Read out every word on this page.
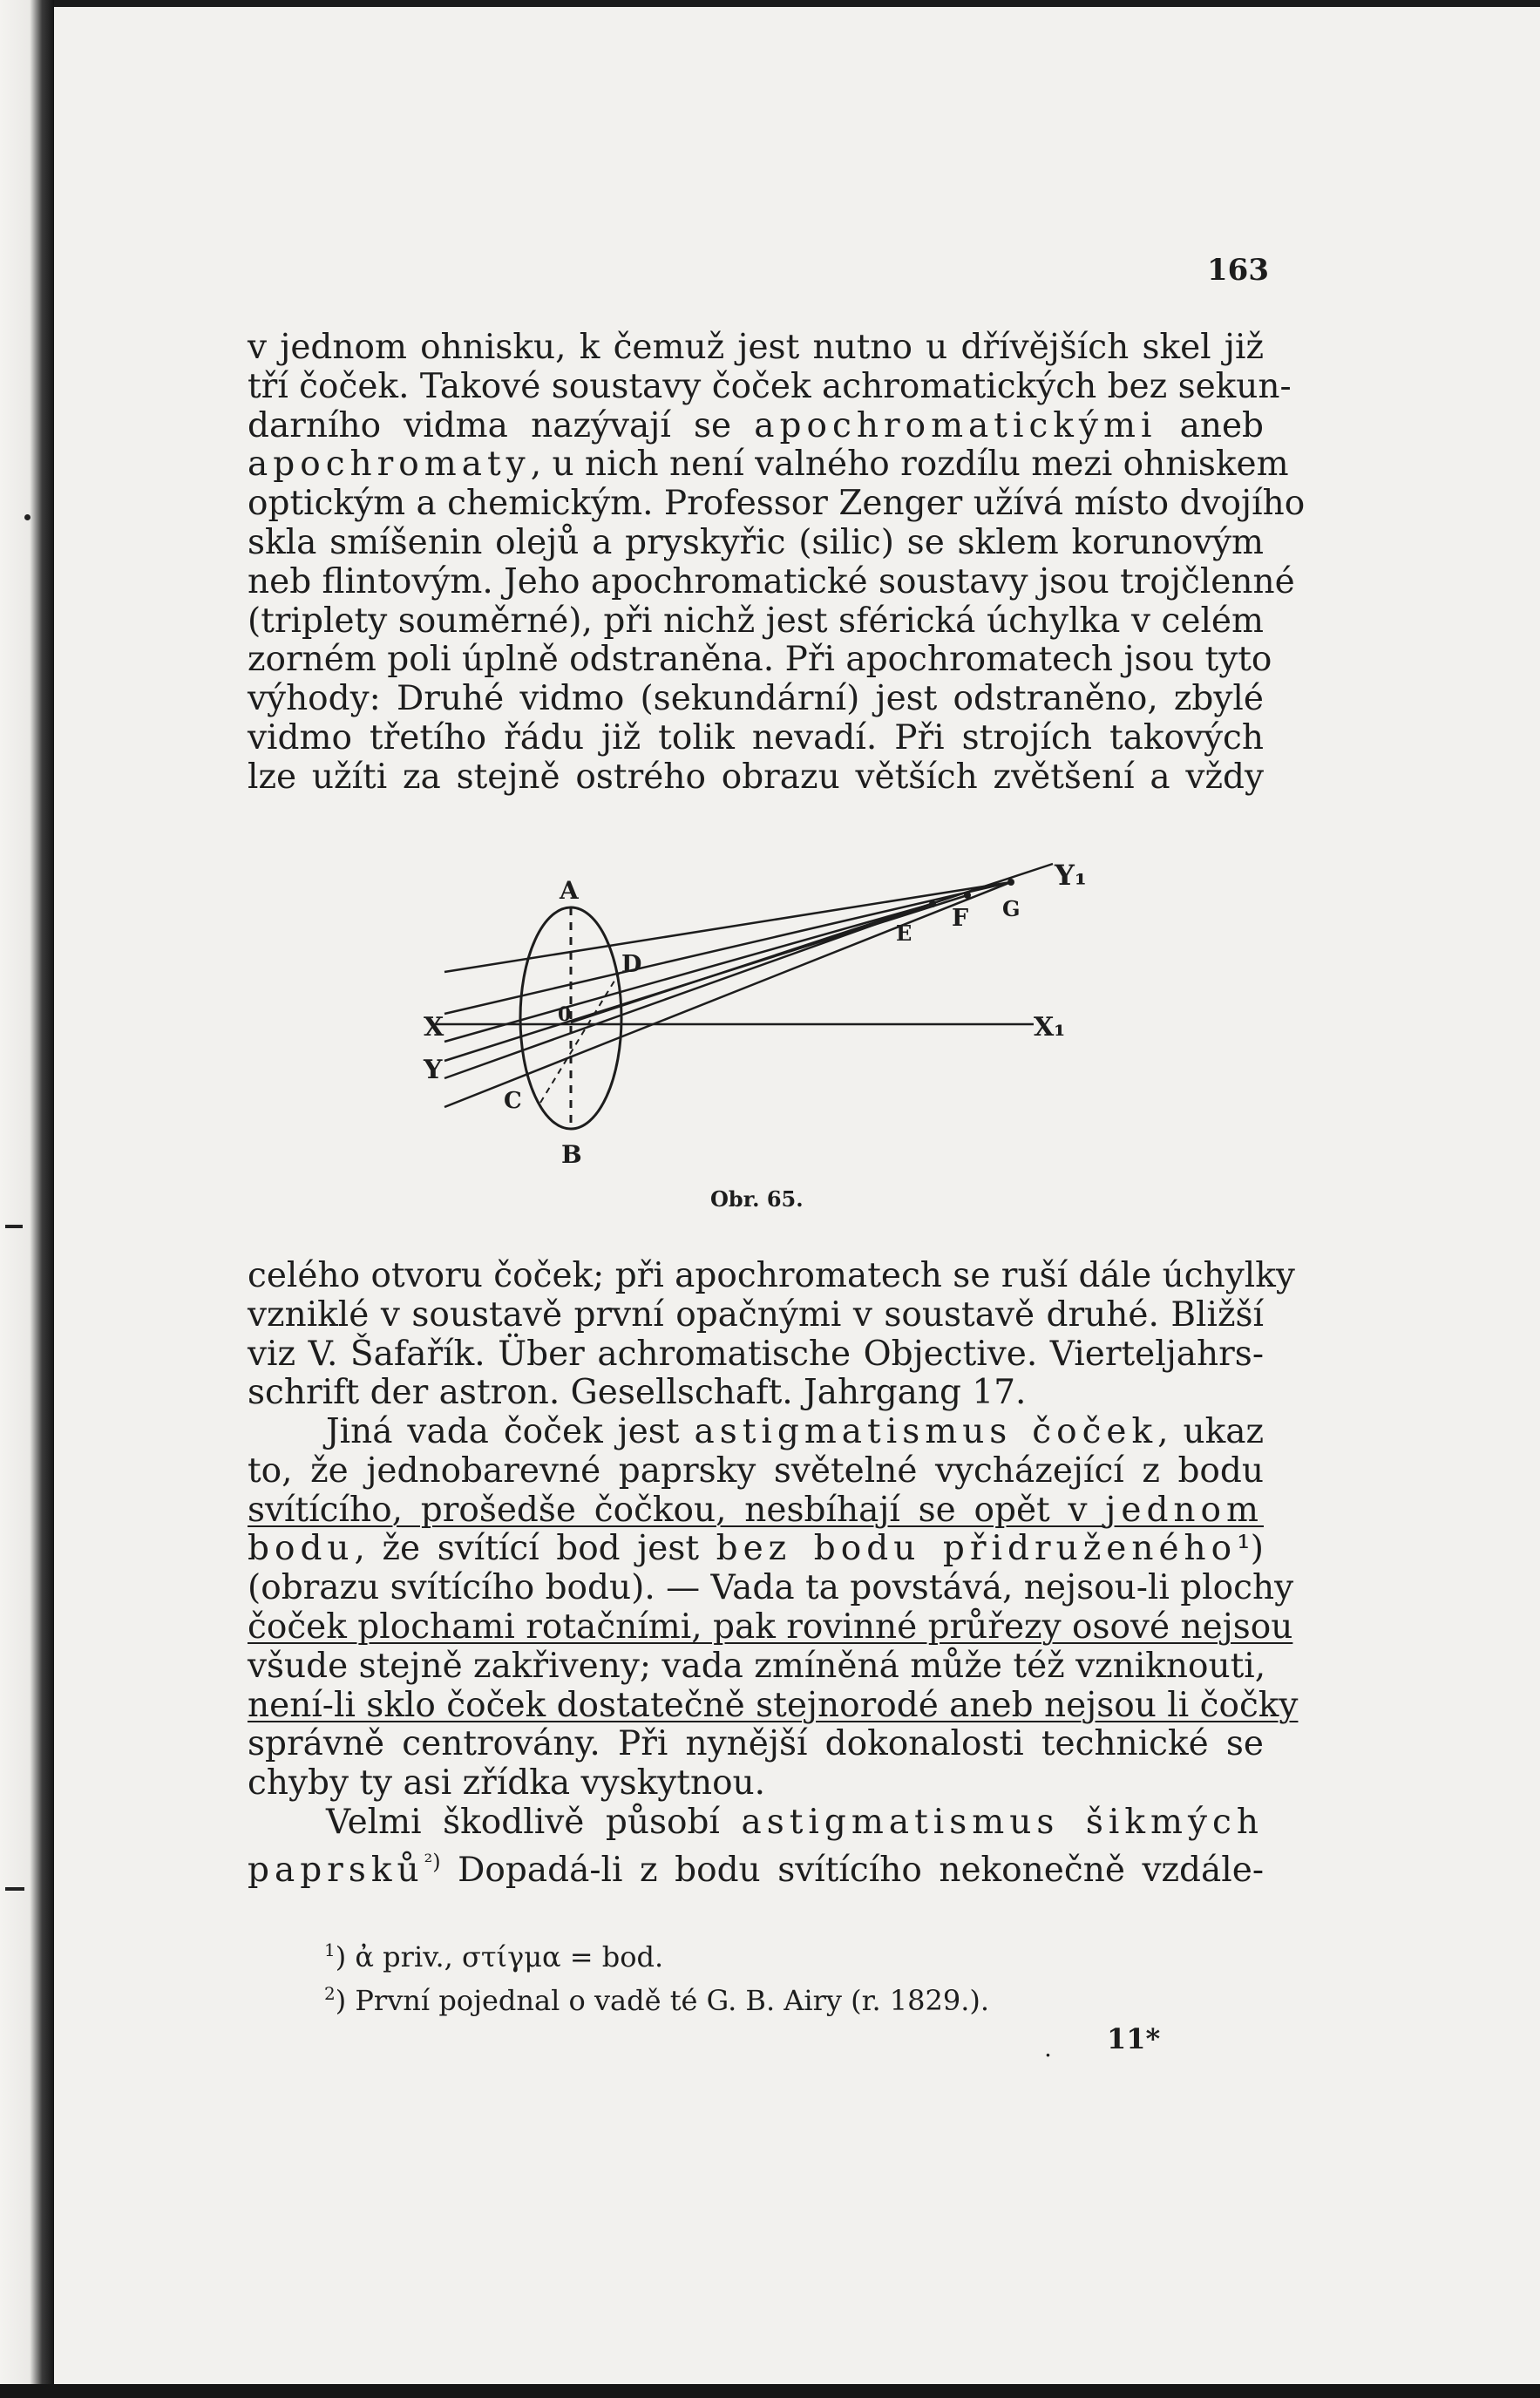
163
v jednom ohnisku, k čemuž jest nutno u dřívějších skel již
tří čoček. Takové soustavy čoček achromatických bez sekun-
darního vidma nazývají se apochromatickými aneb
apochromaty, u nich není valného rozdílu mezi ohniskem
optickým a chemickým. Professor Zenger užívá místo dvojího
skla smíšenin olejů a pryskyřic (silic) se sklem korunovým
neb flintovým. Jeho apochromatické soustavy jsou trojčlenné
(triplety souměrné), při nichž jest sférická úchylka v celém
zorném poli úplně odstraněna. Při apochromatech jsou tyto
výhody: Druhé vidmo (sekundární) jest odstraněno, zbylé
vidmo třetího řádu již tolik nevadí. Při strojích takových
lze užíti za stejně ostrého obrazu větších zvětšení a vždy
A
B
C
D
0
E
F G
X	X₁
Y
Y₁
Obr. 65.
celého otvoru čoček; při apochromatech se ruší dále úchylky
vzniklé v soustavě první opačnými v soustavě druhé. Bližší
viz V. Šafařík. Über achromatische Objective. Vierteljahrs-
schrift der astron. Gesellschaft. Jahrgang 17.
Jiná vada čoček jest astigmatismus čoček, ukaz
to, že jednobarevné paprsky světelné vycházející z bodu
svítícího, prošedše čočkou, nesbíhají se opět v jednom
bodu, že svítící bod jest bez bodu přidruženého¹)
(obrazu svítícího bodu). — Vada ta povstává, nejsou-li plochy
čoček plochami rotačními, pak rovinné průřezy osové nejsou
všude stejně zakřiveny; vada zmíněná může též vzniknouti,
není-li sklo čoček dostatečně stejnorodé aneb nejsou li čočky
správně centrovány. Při nynější dokonalosti technické se
chyby ty asi zřídka vyskytnou.
Velmi škodlivě působí astigmatismus šikmých
paprsků$^{^2)}$ Dopadá-li z bodu svítícího nekonečně vzdále-
$^1$) ἀ priv., στίγμα = bod.
$^2$) První pojednal o vadě té G. B. Airy (r. 1829.).
. 11*
